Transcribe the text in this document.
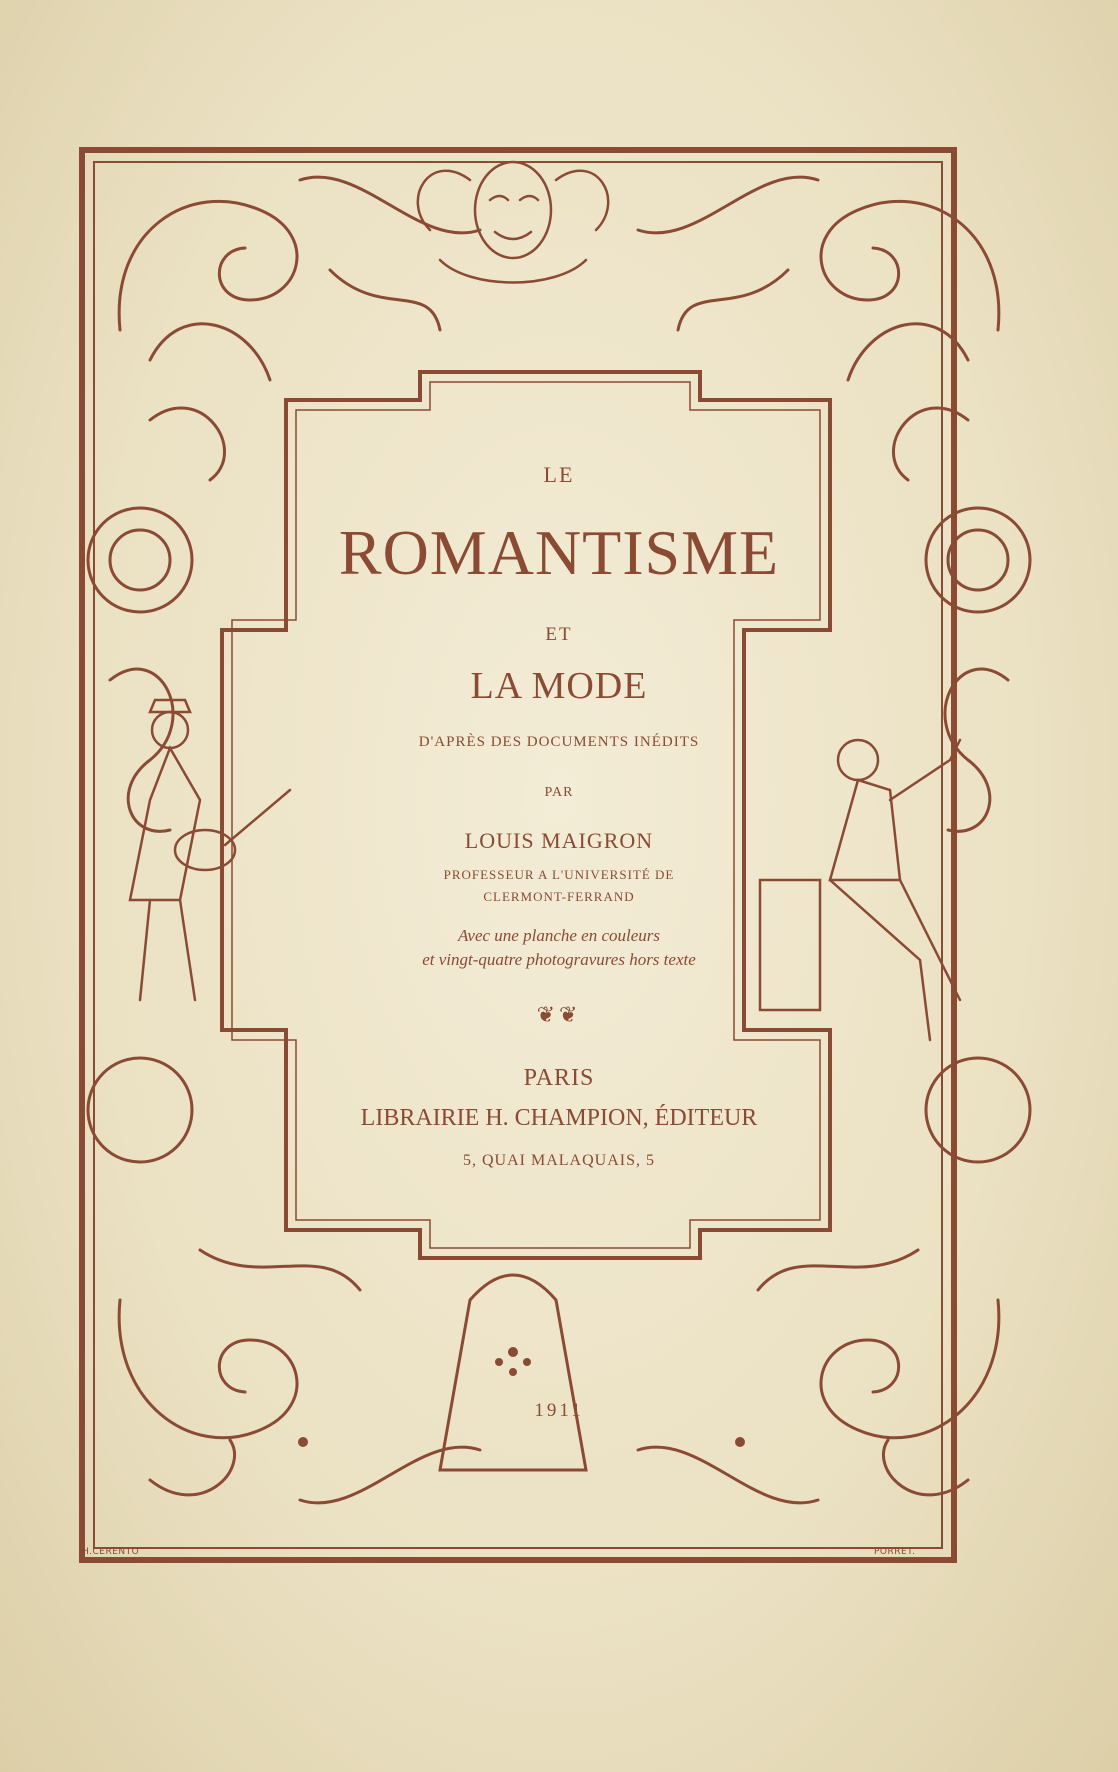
LE
ROMANTISME
ET
LA MODE
D'APRÈS DES DOCUMENTS INÉDITS
PAR
LOUIS MAIGRON
PROFESSEUR A L'UNIVERSITÉ DE
CLERMONT-FERRAND
Avec une planche en couleurs
et vingt-quatre photogravures hors texte
❦❦
PARIS
LIBRAIRIE H. CHAMPION, ÉDITEUR
5, QUAI MALAQUAIS, 5
1911
H.CERENTO	PORRET.
